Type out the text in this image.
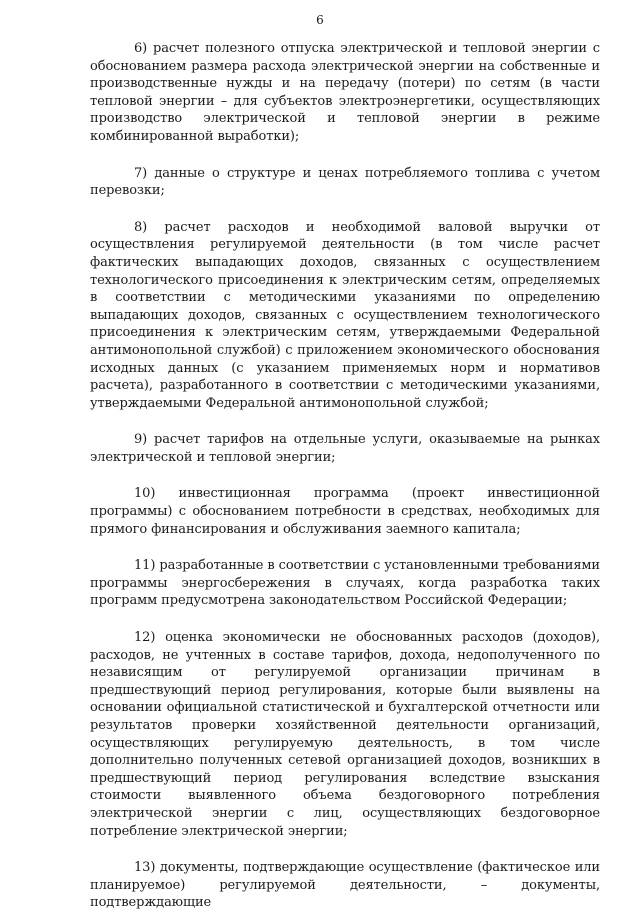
6

6) расчет полезного отпуска электрической и тепловой энергии с обоснованием размера расхода электрической энергии на собственные и производственные нужды и на передачу (потери) по сетям (в части тепловой энергии – для субъектов электроэнергетики, осуществляющих производство электрической и тепловой энергии в режиме комбинированной выработки);

7) данные о структуре и ценах потребляемого топлива с учетом перевозки;

8) расчет расходов и необходимой валовой выручки от осуществления регулируемой деятельности (в том числе расчет фактических выпадающих доходов, связанных с осуществлением технологического присоединения к электрическим сетям, определяемых в соответствии с методическими указаниями по определению выпадающих доходов, связанных с осуществлением технологического присоединения к электрическим сетям, утверждаемыми Федеральной антимонопольной службой) с приложением экономического обоснования исходных данных (с указанием применяемых норм и нормативов расчета), разработанного в соответствии с методическими указаниями, утверждаемыми Федеральной антимонопольной службой;

9) расчет тарифов на отдельные услуги, оказываемые на рынках электрической и тепловой энергии;

10) инвестиционная программа (проект инвестиционной программы) с обоснованием потребности в средствах, необходимых для прямого финансирования и обслуживания заемного капитала;

11) разработанные в соответствии с установленными требованиями программы энергосбережения в случаях, когда разработка таких программ предусмотрена законодательством Российской Федерации;

12) оценка экономически не обоснованных расходов (доходов), расходов, не учтенных в составе тарифов, дохода, недополученного по независящим от регулируемой организации причинам в предшествующий период регулирования, которые были выявлены на основании официальной статистической и бухгалтерской отчетности или результатов проверки хозяйственной деятельности организаций, осуществляющих регулируемую деятельность, в том числе дополнительно полученных сетевой организацией доходов, возникших в предшествующий период регулирования вследствие взыскания стоимости выявленного объема бездоговорного потребления электрической энергии с лиц, осуществляющих бездоговорное потребление электрической энергии;

13) документы, подтверждающие осуществление (фактическое или планируемое) регулируемой деятельности, – документы, подтверждающие
